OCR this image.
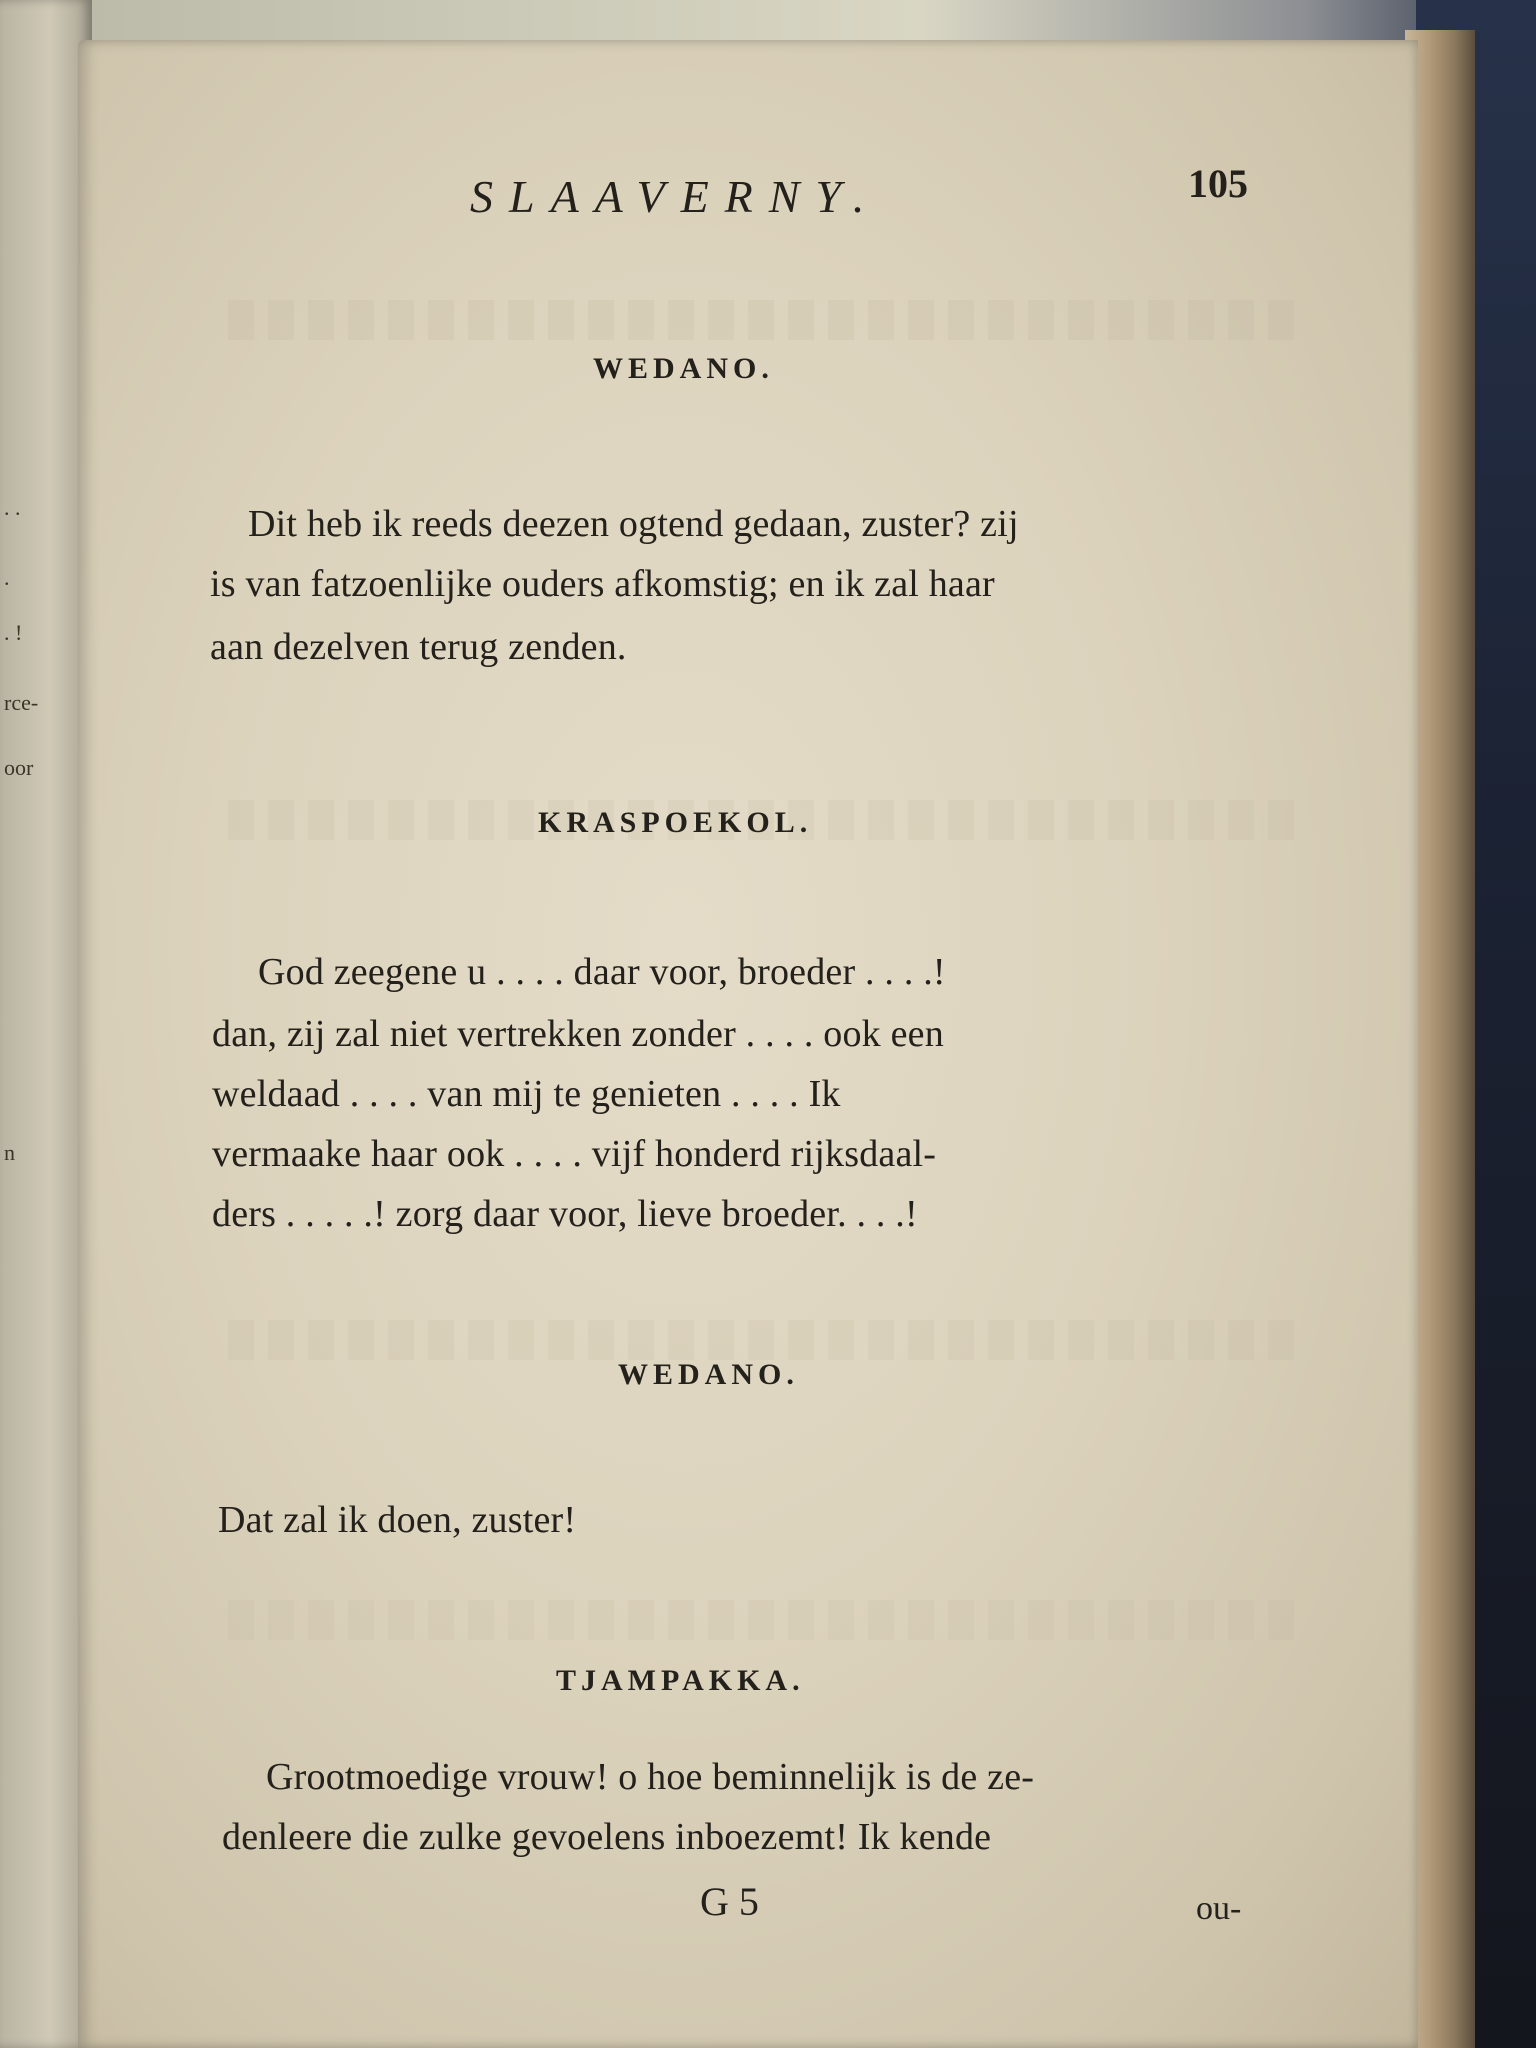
. .
.
. !
rce-
oor
n
SLAAVERNY.	105
WEDANO.
Dit heb ik reeds deezen ogtend gedaan, zuster? zij
is van fatzoenlijke ouders afkomstig; en ik zal haar
aan dezelven terug zenden.
KRASPOEKOL.
God zeegene u . . . . daar voor, broeder . . . .!
dan, zij zal niet vertrekken zonder . . . . ook een
weldaad . . . . van mij te genieten . . . . Ik
vermaake haar ook . . . . vijf honderd rijksdaal-
ders . . . . .! zorg daar voor, lieve broeder. . . .!
WEDANO.
Dat zal ik doen, zuster!
TJAMPAKKA.
Grootmoedige vrouw! o hoe beminnelijk is de ze-
denleere die zulke gevoelens inboezemt! Ik kende
G 5	ou-
